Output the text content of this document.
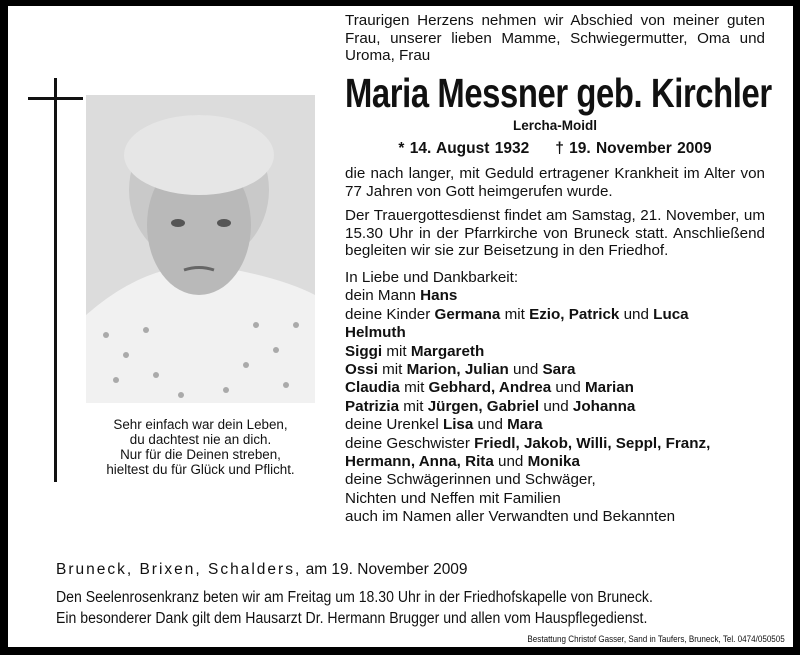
Sehr einfach war dein Leben,
du dachtest nie an dich.
Nur für die Deinen streben,
hieltest du für Glück und Pflicht.

Traurigen Herzens nehmen wir Abschied von meiner guten Frau, unserer lieben Mamme, Schwiegermutter, Oma und Uroma, Frau

Maria Messner geb. Kirchler
Lercha-Moidl
* 14. August 1932 † 19. November 2009

die nach langer, mit Geduld ertragener Krankheit im Alter von 77 Jahren von Gott heimgerufen wurde.

Der Trauergottesdienst findet am Samstag, 21. November, um 15.30 Uhr in der Pfarrkirche von Bruneck statt. Anschließend begleiten wir sie zur Beisetzung in den Friedhof.

In Liebe und Dankbarkeit:
dein Mann Hans
deine Kinder Germana mit Ezio, Patrick und Luca
Helmuth
Siggi mit Margareth
Ossi mit Marion, Julian und Sara
Claudia mit Gebhard, Andrea und Marian
Patrizia mit Jürgen, Gabriel und Johanna
deine Urenkel Lisa und Mara
deine Geschwister Friedl, Jakob, Willi, Seppl, Franz,
Hermann, Anna, Rita und Monika
deine Schwägerinnen und Schwäger,
Nichten und Neffen mit Familien
auch im Namen aller Verwandten und Bekannten
Bruneck, Brixen, Schalders, am 19. November 2009
Den Seelenrosenkranz beten wir am Freitag um 18.30 Uhr in der Friedhofskapelle von Bruneck.
Ein besonderer Dank gilt dem Hausarzt Dr. Hermann Brugger und allen vom Hauspflegedienst.
Bestattung Christof Gasser, Sand in Taufers, Bruneck, Tel. 0474/050505
